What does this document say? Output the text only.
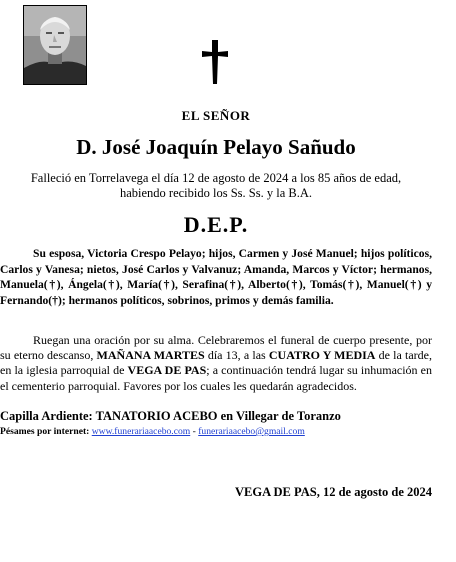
EL SEÑOR
D. José Joaquín Pelayo Sañudo
Falleció en Torrelavega el día 12 de agosto de 2024 a los 85 años de edad,
habiendo recibido los Ss. Ss. y la B.A.
D.E.P.
Su esposa, Victoria Crespo Pelayo; hijos, Carmen y José Manuel; hijos políticos, Carlos y Vanesa; nietos, José Carlos y Valvanuz; Amanda, Marcos y Víctor; hermanos, Manuela(†), Ángela(†), María(†), Serafina(†), Alberto(†), Tomás(†), Manuel(†) y Fernando(†); hermanos políticos, sobrinos, primos y demás familia.
Ruegan una oración por su alma. Celebraremos el funeral de cuerpo presente, por su eterno descanso, MAÑANA MARTES día 13, a las CUATRO Y MEDIA de la tarde, en la iglesia parroquial de VEGA DE PAS; a continuación tendrá lugar su inhumación en el cementerio parroquial. Favores por los cuales les quedarán agradecidos.
Capilla Ardiente: TANATORIO ACEBO en Villegar de Toranzo
Pésames por internet: www.funerariaacebo.com - funerariaacebo@gmail.com
VEGA DE PAS, 12 de agosto de 2024
